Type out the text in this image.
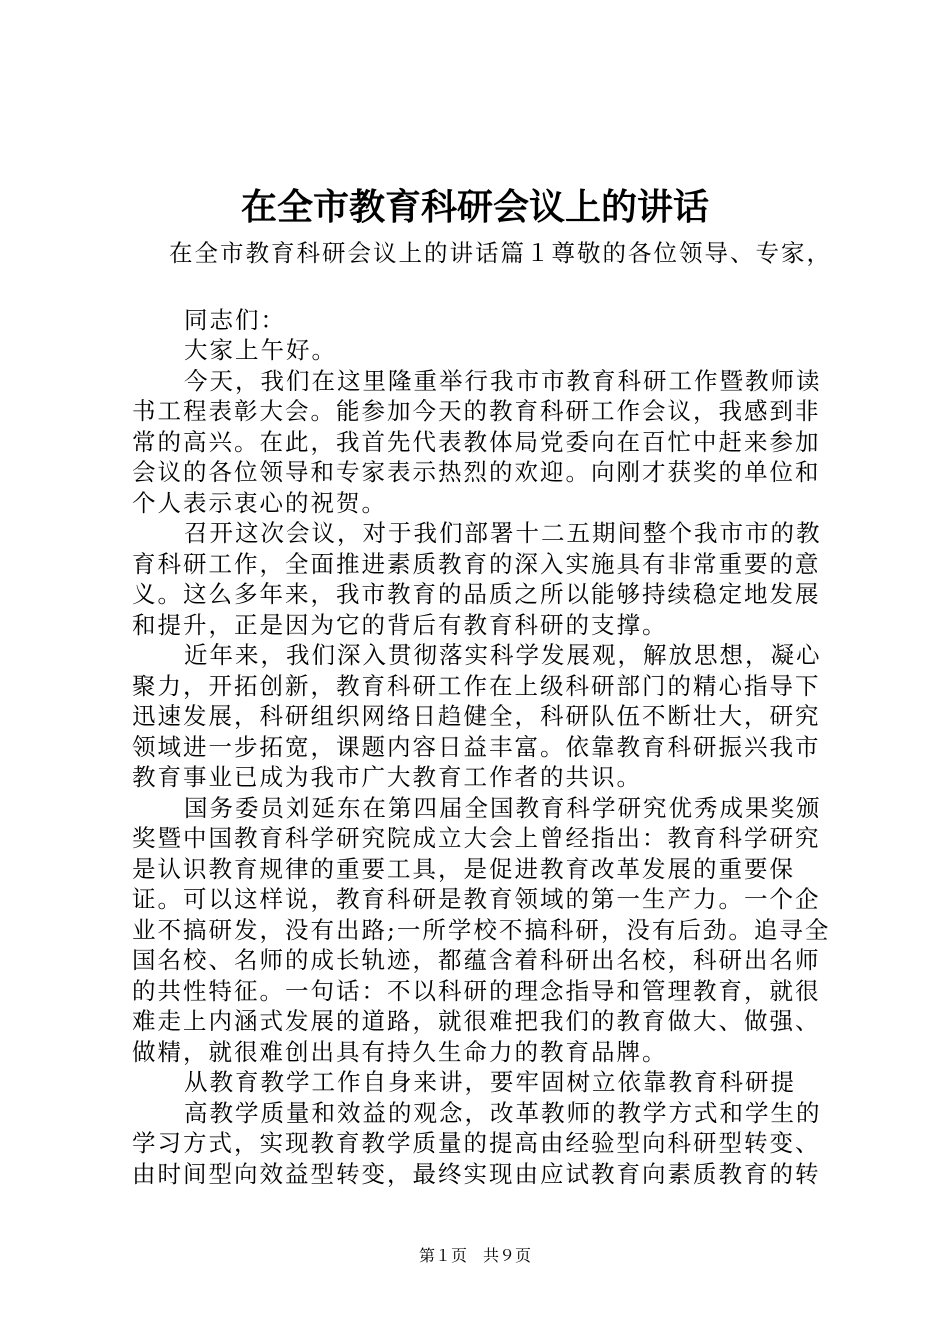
在全市教育科研会议上的讲话

在全市教育科研会议上的讲话篇１尊敬的各位领导、专家，

同志们：

大家上午好。

今天，我们在这里隆重举行我市市教育科研工作暨教师读书工程表彰大会。能参加今天的教育科研工作会议，我感到非常的高兴。在此，我首先代表教体局党委向在百忙中赶来参加会议的各位领导和专家表示热烈的欢迎。向刚才获奖的单位和个人表示衷心的祝贺。

召开这次会议，对于我们部署十二五期间整个我市市的教育科研工作，全面推进素质教育的深入实施具有非常重要的意义。这么多年来，我市教育的品质之所以能够持续稳定地发展和提升，正是因为它的背后有教育科研的支撑。

近年来，我们深入贯彻落实科学发展观，解放思想，凝心聚力，开拓创新，教育科研工作在上级科研部门的精心指导下迅速发展，科研组织网络日趋健全，科研队伍不断壮大，研究领域进一步拓宽，课题内容日益丰富。依靠教育科研振兴我市教育事业已成为我市广大教育工作者的共识。

国务委员刘延东在第四届全国教育科学研究优秀成果奖颁奖暨中国教育科学研究院成立大会上曾经指出：教育科学研究是认识教育规律的重要工具，是促进教育改革发展的重要保证。可以这样说，教育科研是教育领域的第一生产力。一个企业不搞研发，没有出路;一所学校不搞科研，没有后劲。追寻全国名校、名师的成长轨迹，都蕴含着科研出名校，科研出名师的共性特征。一句话：不以科研的理念指导和管理教育，就很难走上内涵式发展的道路，就很难把我们的教育做大、做强、做精，就很难创出具有持久生命力的教育品牌。

从教育教学工作自身来讲，要牢固树立依靠教育科研提

高教学质量和效益的观念，改革教师的教学方式和学生的学习方式，实现教育教学质量的提高由经验型向科研型转变、由时间型向效益型转变，最终实现由应试教育向素质教育的转

第１页　共９页
